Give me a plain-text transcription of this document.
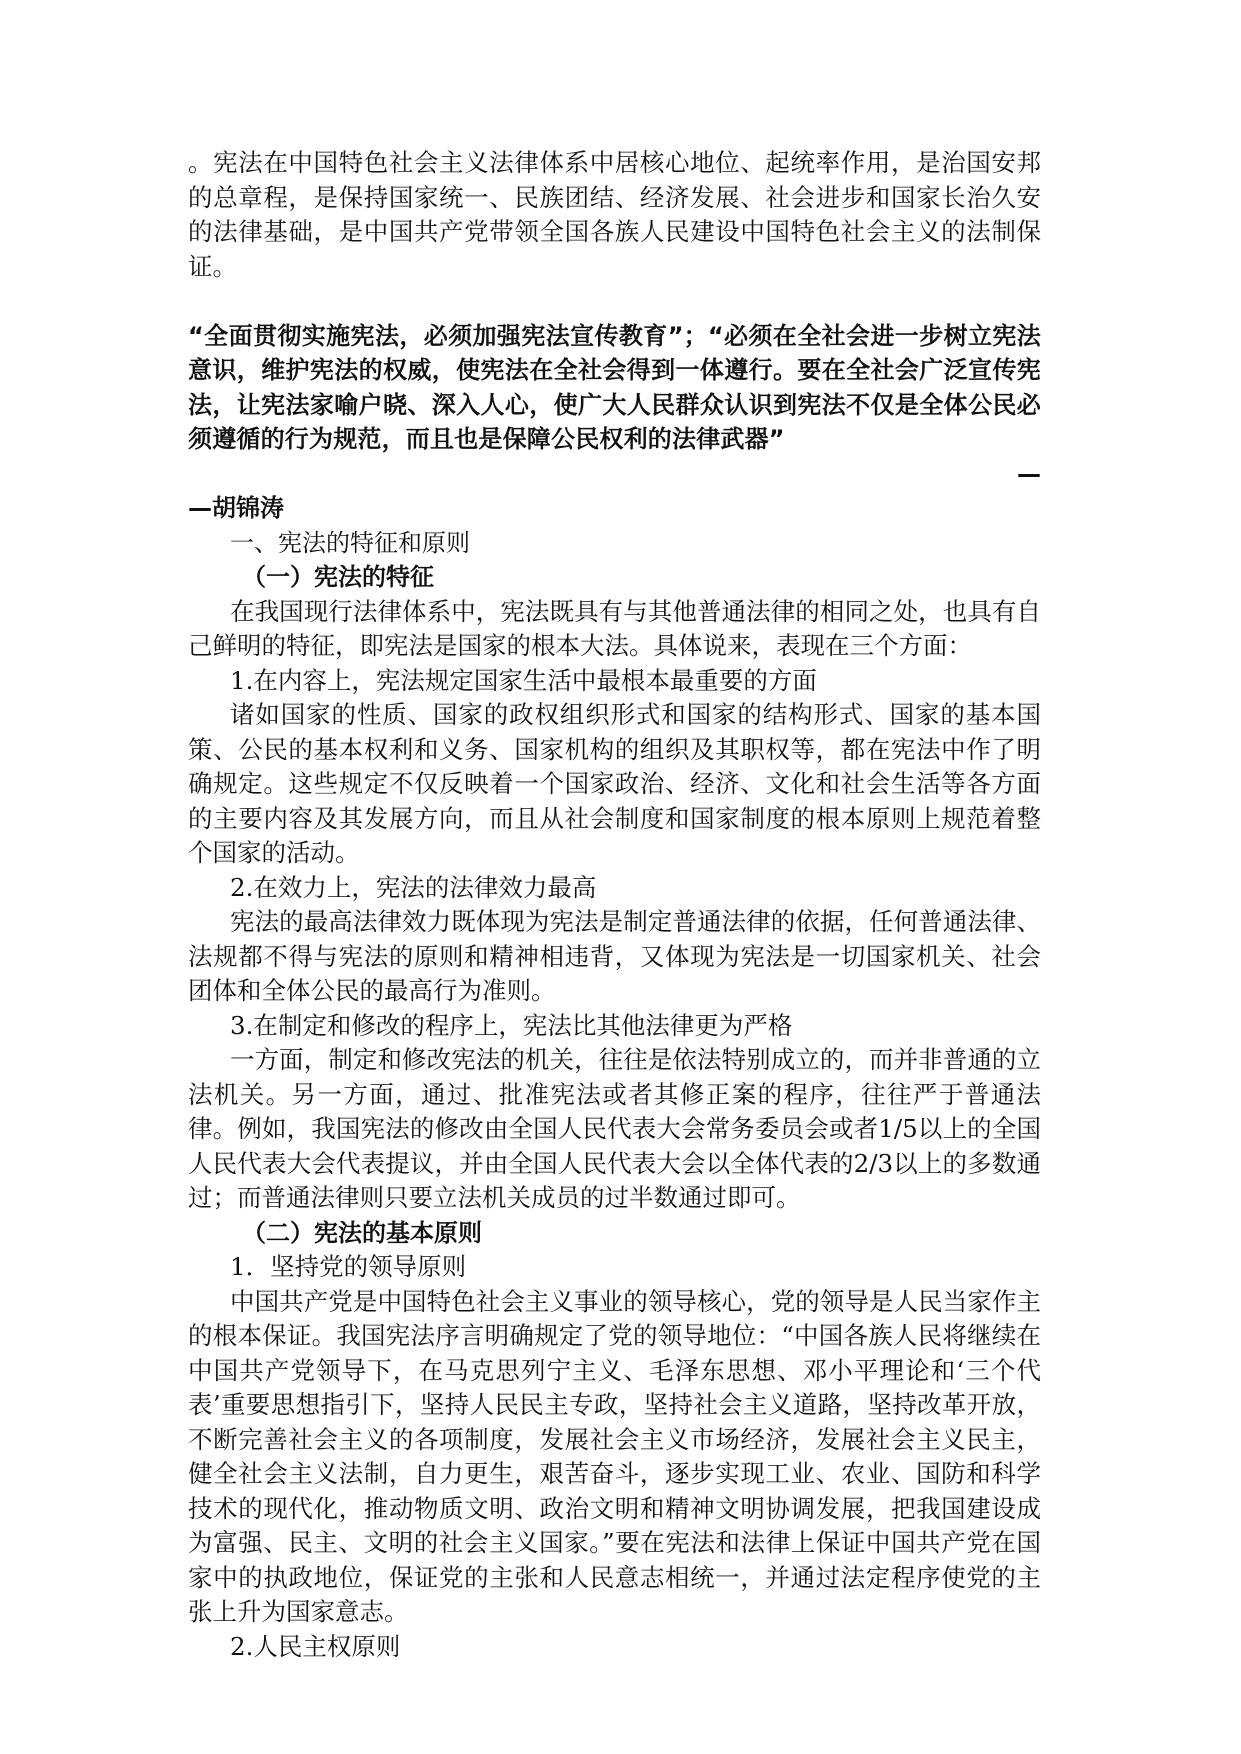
。宪法在中国特色社会主义法律体系中居核心地位、起统率作用，是治国安邦的总章程，是保持国家统一、民族团结、经济发展、社会进步和国家长治久安的法律基础，是中国共产党带领全国各族人民建设中国特色社会主义的法制保证。

“全面贯彻实施宪法，必须加强宪法宣传教育”；“必须在全社会进一步树立宪法意识，维护宪法的权威，使宪法在全社会得到一体遵行。要在全社会广泛宣传宪法，让宪法家喻户晓、深入人心，使广大人民群众认识到宪法不仅是全体公民必须遵循的行为规范，而且也是保障公民权利的法律武器”

—

—胡锦涛

一、宪法的特征和原则

（一）宪法的特征

在我国现行法律体系中，宪法既具有与其他普通法律的相同之处，也具有自己鲜明的特征，即宪法是国家的根本大法。具体说来，表现在三个方面：

1.在内容上，宪法规定国家生活中最根本最重要的方面

诸如国家的性质、国家的政权组织形式和国家的结构形式、国家的基本国策、公民的基本权利和义务、国家机构的组织及其职权等，都在宪法中作了明确规定。这些规定不仅反映着一个国家政治、经济、文化和社会生活等各方面的主要内容及其发展方向，而且从社会制度和国家制度的根本原则上规范着整个国家的活动。

2.在效力上，宪法的法律效力最高

宪法的最高法律效力既体现为宪法是制定普通法律的依据，任何普通法律、法规都不得与宪法的原则和精神相违背，又体现为宪法是一切国家机关、社会团体和全体公民的最高行为准则。

3.在制定和修改的程序上，宪法比其他法律更为严格

一方面，制定和修改宪法的机关，往往是依法特别成立的，而并非普通的立法机关。另一方面，通过、批准宪法或者其修正案的程序，往往严于普通法律。例如，我国宪法的修改由全国人民代表大会常务委员会或者1/5以上的全国人民代表大会代表提议，并由全国人民代表大会以全体代表的2/3以上的多数通过；而普通法律则只要立法机关成员的过半数通过即可。

（二）宪法的基本原则

1．坚持党的领导原则

中国共产党是中国特色社会主义事业的领导核心，党的领导是人民当家作主的根本保证。我国宪法序言明确规定了党的领导地位：“中国各族人民将继续在中国共产党领导下，在马克思列宁主义、毛泽东思想、邓小平理论和‘三个代表’重要思想指引下，坚持人民民主专政，坚持社会主义道路，坚持改革开放，不断完善社会主义的各项制度，发展社会主义市场经济，发展社会主义民主，健全社会主义法制，自力更生，艰苦奋斗，逐步实现工业、农业、国防和科学技术的现代化，推动物质文明、政治文明和精神文明协调发展，把我国建设成为富强、民主、文明的社会主义国家。”要在宪法和法律上保证中国共产党在国家中的执政地位，保证党的主张和人民意志相统一，并通过法定程序使党的主张上升为国家意志。

2.人民主权原则
